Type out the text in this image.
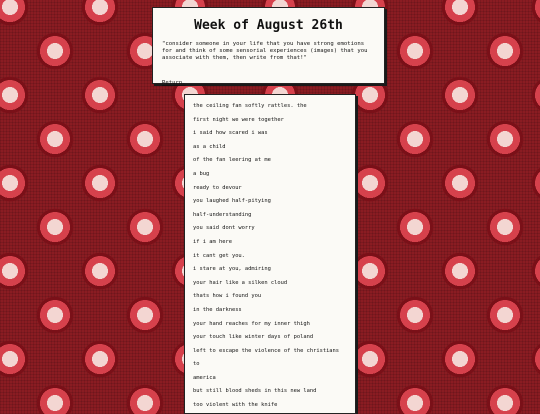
Week of August 26th
"consider someone in your life that you have strong emotions for and think of some sensorial experiences (images) that you associate with them, then write from that!"
Return.
the ceiling fan softly rattles. the
first night we were together
i said how scared i was
as a child
of the fan leering at me
a bug
ready to devour
you laughed half-pitying
half-understanding
you said dont worry
if i am here
it cant get you.
i stare at you, admiring
your hair like a silken cloud
thats how i found you
in the darkness
your hand reaches for my inner thigh
your touch like winter days of poland
left to escape the violence of the christians
to
america
but still blood sheds in this new land
too violent with the knife
